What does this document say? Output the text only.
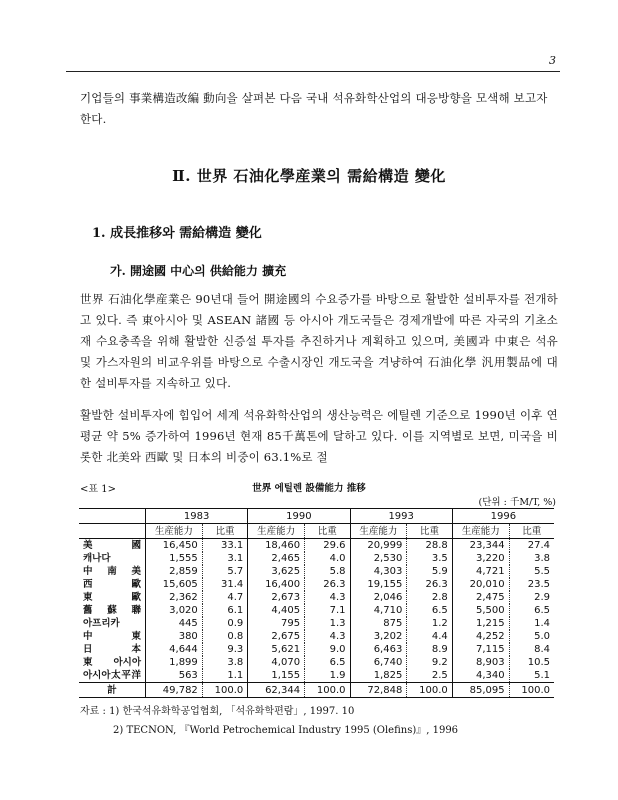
3
기업들의 事業構造改編 動向을 살펴본 다음 국내 석유화학산업의 대응방향을 모색해 보고자 한다.
Ⅱ. 世界 石油化學産業의 需給構造 變化
1. 成長推移와 需給構造 變化
가. 開途國 中心의 供給能力 擴充
世界 石油化學産業은 90년대 들어 開途國의 수요증가를 바탕으로 활발한 설비투자를 전개하고 있다. 즉 東아시아 및 ASEAN 諸國 등 아시아 개도국들은 경제개발에 따른 자국의 기초소재 수요충족을 위해 활발한 신증설 투자를 추진하거나 계획하고 있으며, 美國과 中東은 석유 및 가스자원의 비교우위를 바탕으로 수출시장인 개도국을 겨냥하여 石油化學 汎用製品에 대한 설비투자를 지속하고 있다.
활발한 설비투자에 힘입어 세계 석유화학산업의 생산능력은 에틸렌 기준으로 1990년 이후 연평균 약 5% 증가하여 1996년 현재 85千萬톤에 달하고 있다. 이를 지역별로 보면, 미국을 비롯한 北美와 西歐 및 日本의 비중이 63.1%로 절
<표 1>	世界 에틸렌 設備能力 推移
(단위 : 千M/T, %)
	1983		1990		1993		1996	
	生産能力	比重	生産能力	比重	生産能力	比重	生産能力	比重
美國	16,450	33.1	18,460	29.6	20,999	28.8	23,344	27.4
캐나다	1,555	3.1	2,465	4.0	2,530	3.5	3,220	3.8
中南美	2,859	5.7	3,625	5.8	4,303	5.9	4,721	5.5
西歐	15,605	31.4	16,400	26.3	19,155	26.3	20,010	23.5
東歐	2,362	4.7	2,673	4.3	2,046	2.8	2,475	2.9
舊蘇聯	3,020	6.1	4,405	7.1	4,710	6.5	5,500	6.5
아프리카	445	0.9	795	1.3	875	1.2	1,215	1.4
中東	380	0.8	2,675	4.3	3,202	4.4	4,252	5.0
日本	4,644	9.3	5,621	9.0	6,463	8.9	7,115	8.4
東아시아	1,899	3.8	4,070	6.5	6,740	9.2	8,903	10.5
아시아太平洋	563	1.1	1,155	1.9	1,825	2.5	4,340	5.1
計	49,782	100.0	62,344	100.0	72,848	100.0	85,095	100.0
자료 : 1) 한국석유화학공업협회, 「석유화학편람」, 1997. 10
2) TECNON, 『World Petrochemical Industry 1995 (Olefins)』, 1996
